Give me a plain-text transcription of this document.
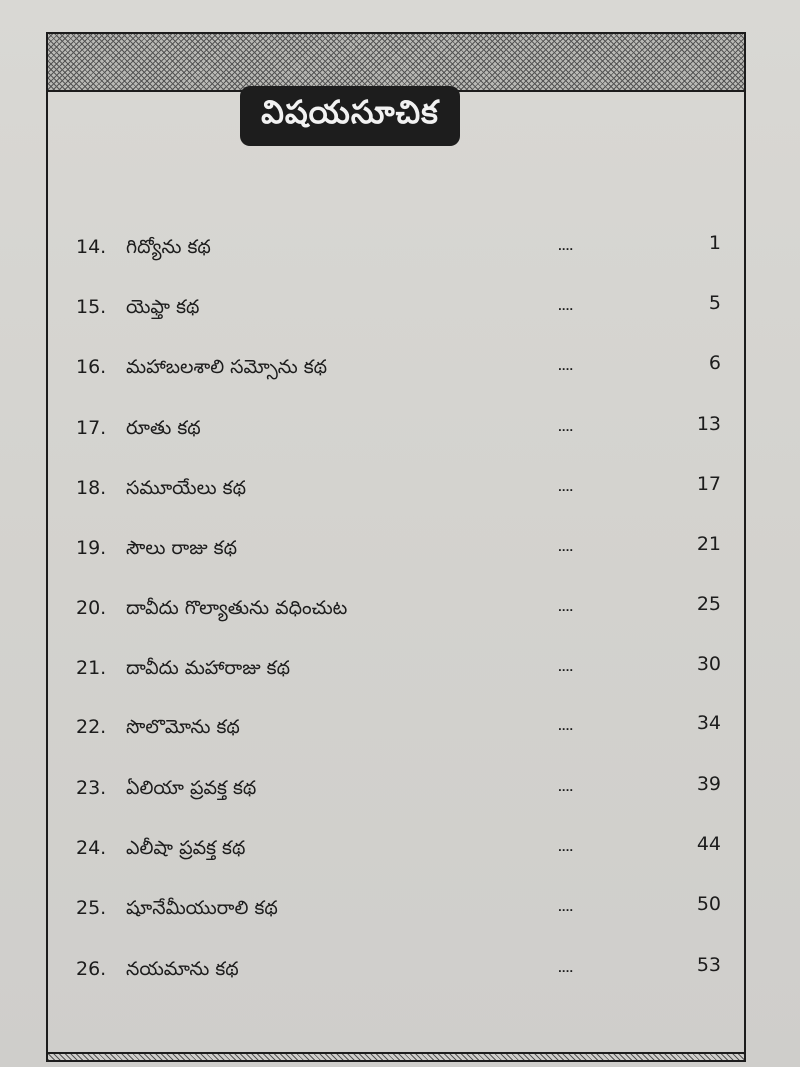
విషయసూచిక
14.	గిద్యోను కథ	....	1
15.	యెఫ్తా కథ	....	5
16.	మహాబలశాలి సమ్సోను కథ	....	6
17.	రూతు కథ	....	13
18.	సమూయేలు కథ	....	17
19.	సౌలు రాజు కథ	....	21
20.	దావీదు గొల్యాతును వధించుట	....	25
21.	దావీదు మహారాజు కథ	....	30
22.	సొలొమోను కథ	....	34
23.	ఏలియా ప్రవక్త కథ	....	39
24.	ఎలీషా ప్రవక్త కథ	....	44
25.	షూనేమీయురాలి కథ	....	50
26.	నయమాను కథ	....	53
